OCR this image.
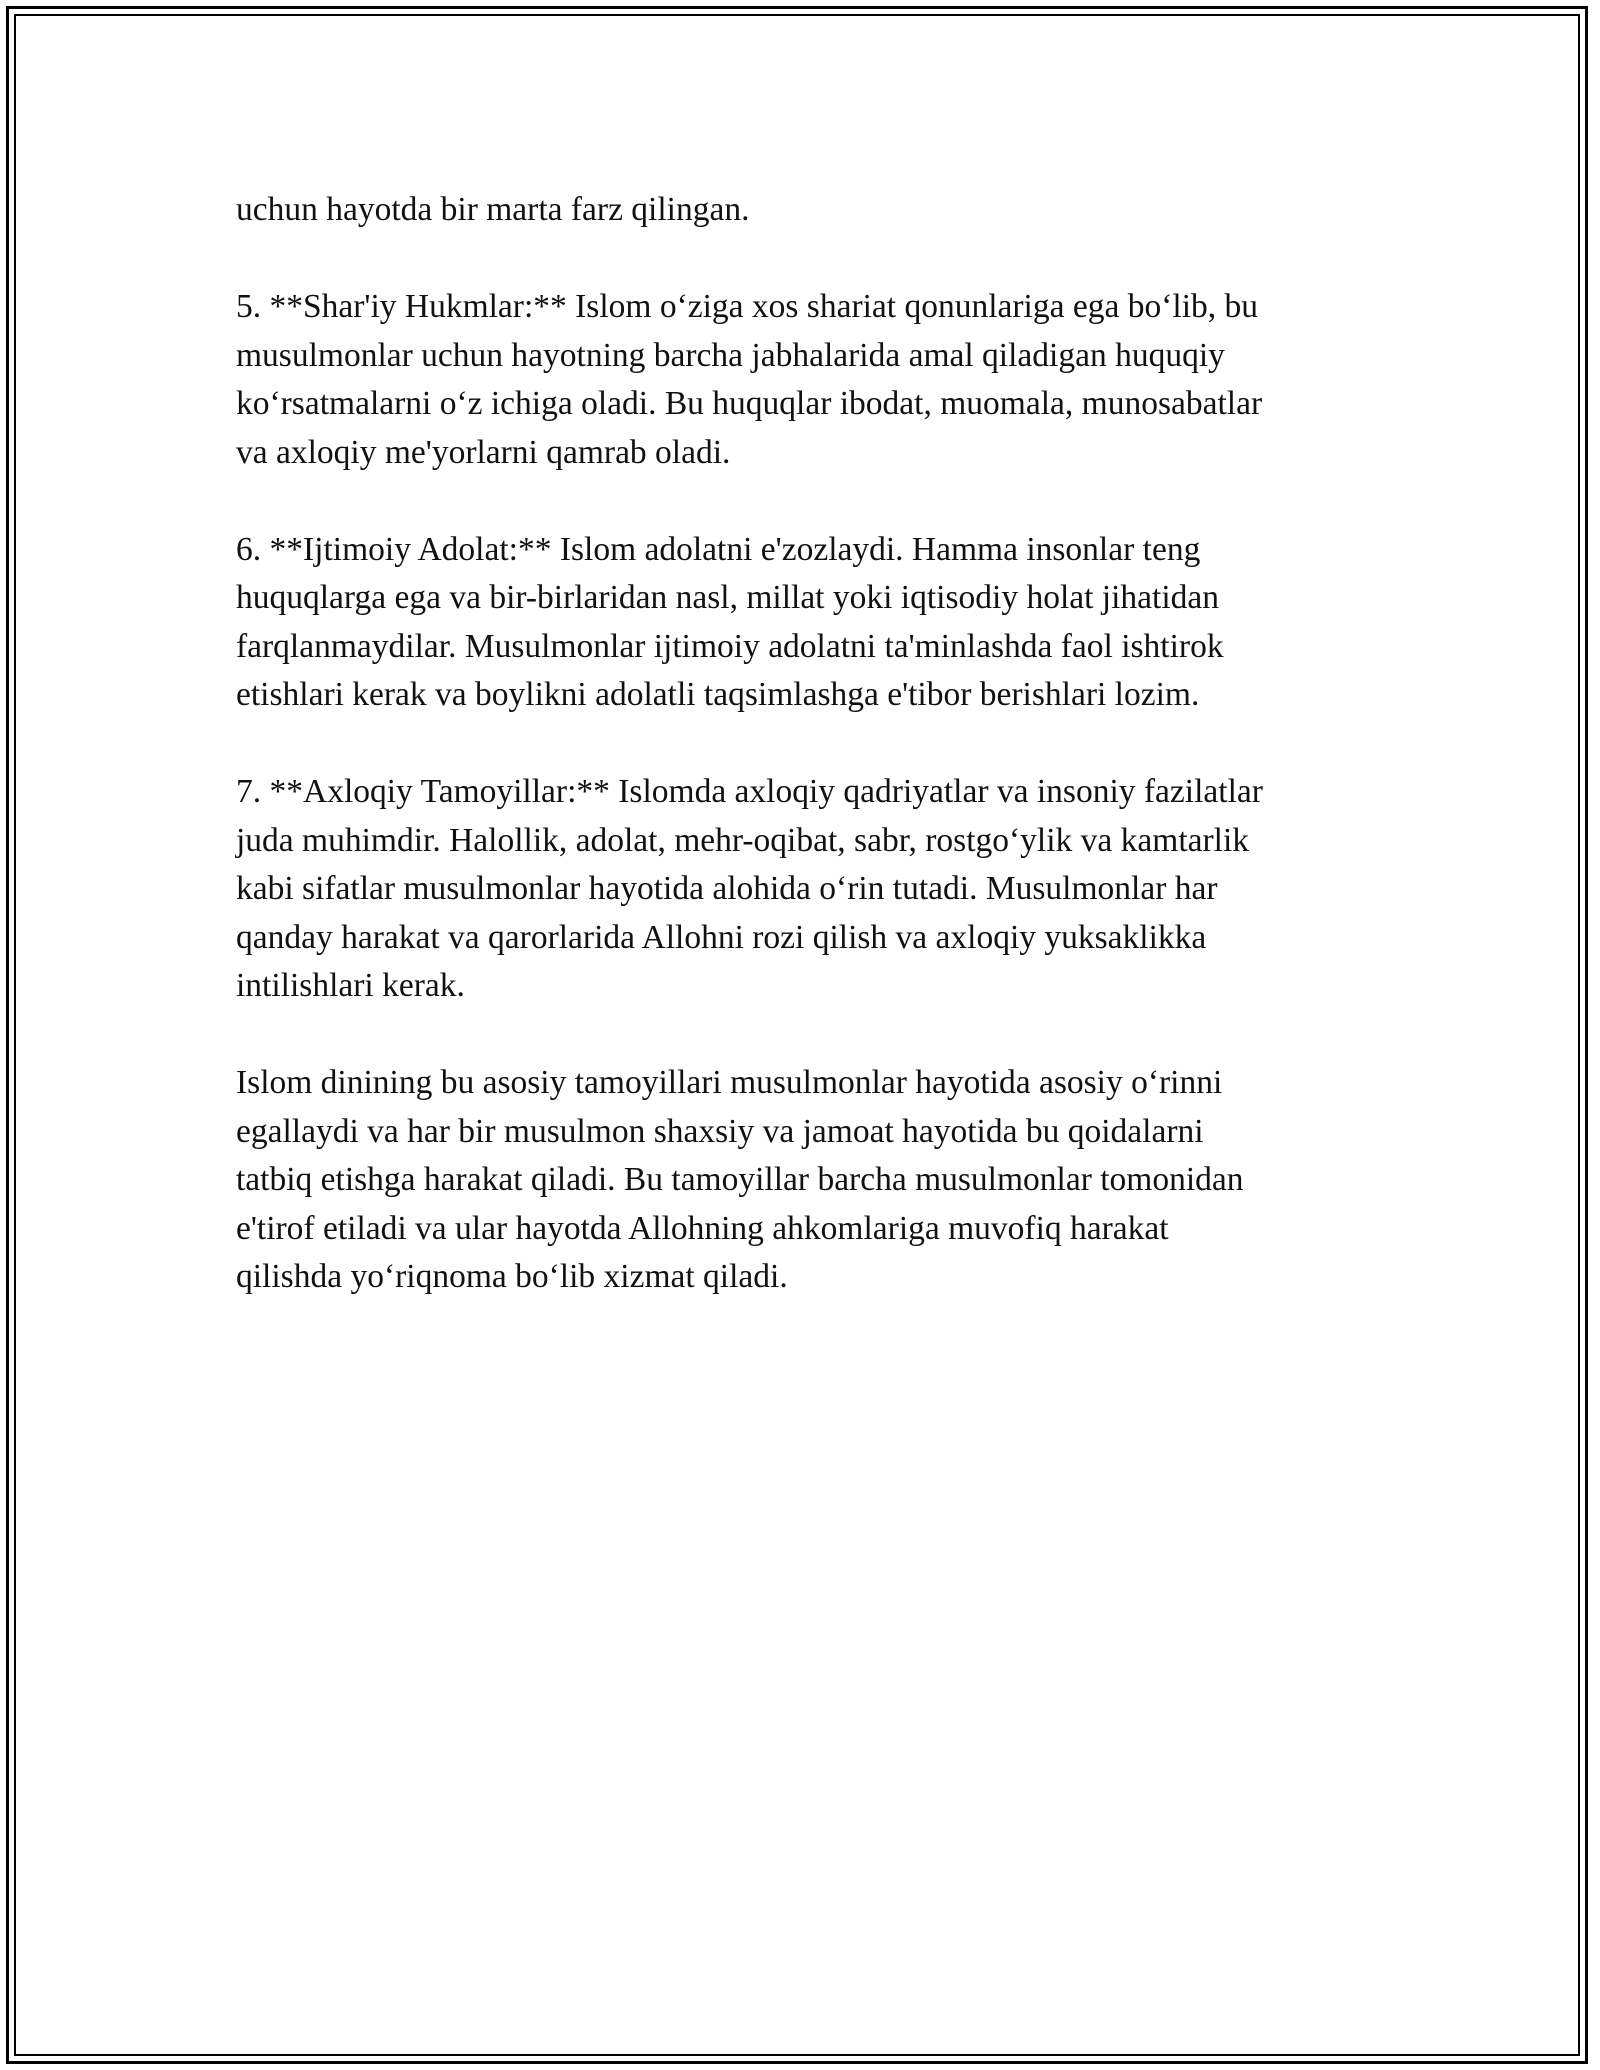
uchun hayotda bir marta farz qilingan.

5. **Shar'iy Hukmlar:** Islom o‘ziga xos shariat qonunlariga ega bo‘lib, bu
musulmonlar uchun hayotning barcha jabhalarida amal qiladigan huquqiy
ko‘rsatmalarni o‘z ichiga oladi. Bu huquqlar ibodat, muomala, munosabatlar
va axloqiy me'yorlarni qamrab oladi.

6. **Ijtimoiy Adolat:** Islom adolatni e'zozlaydi. Hamma insonlar teng
huquqlarga ega va bir-birlaridan nasl, millat yoki iqtisodiy holat jihatidan
farqlanmaydilar. Musulmonlar ijtimoiy adolatni ta'minlashda faol ishtirok
etishlari kerak va boylikni adolatli taqsimlashga e'tibor berishlari lozim.

7. **Axloqiy Tamoyillar:** Islomda axloqiy qadriyatlar va insoniy fazilatlar
juda muhimdir. Halollik, adolat, mehr-oqibat, sabr, rostgo‘ylik va kamtarlik
kabi sifatlar musulmonlar hayotida alohida o‘rin tutadi. Musulmonlar har
qanday harakat va qarorlarida Allohni rozi qilish va axloqiy yuksaklikka
intilishlari kerak.

Islom dinining bu asosiy tamoyillari musulmonlar hayotida asosiy o‘rinni
egallaydi va har bir musulmon shaxsiy va jamoat hayotida bu qoidalarni
tatbiq etishga harakat qiladi. Bu tamoyillar barcha musulmonlar tomonidan
e'tirof etiladi va ular hayotda Allohning ahkomlariga muvofiq harakat
qilishda yo‘riqnoma bo‘lib xizmat qiladi.
